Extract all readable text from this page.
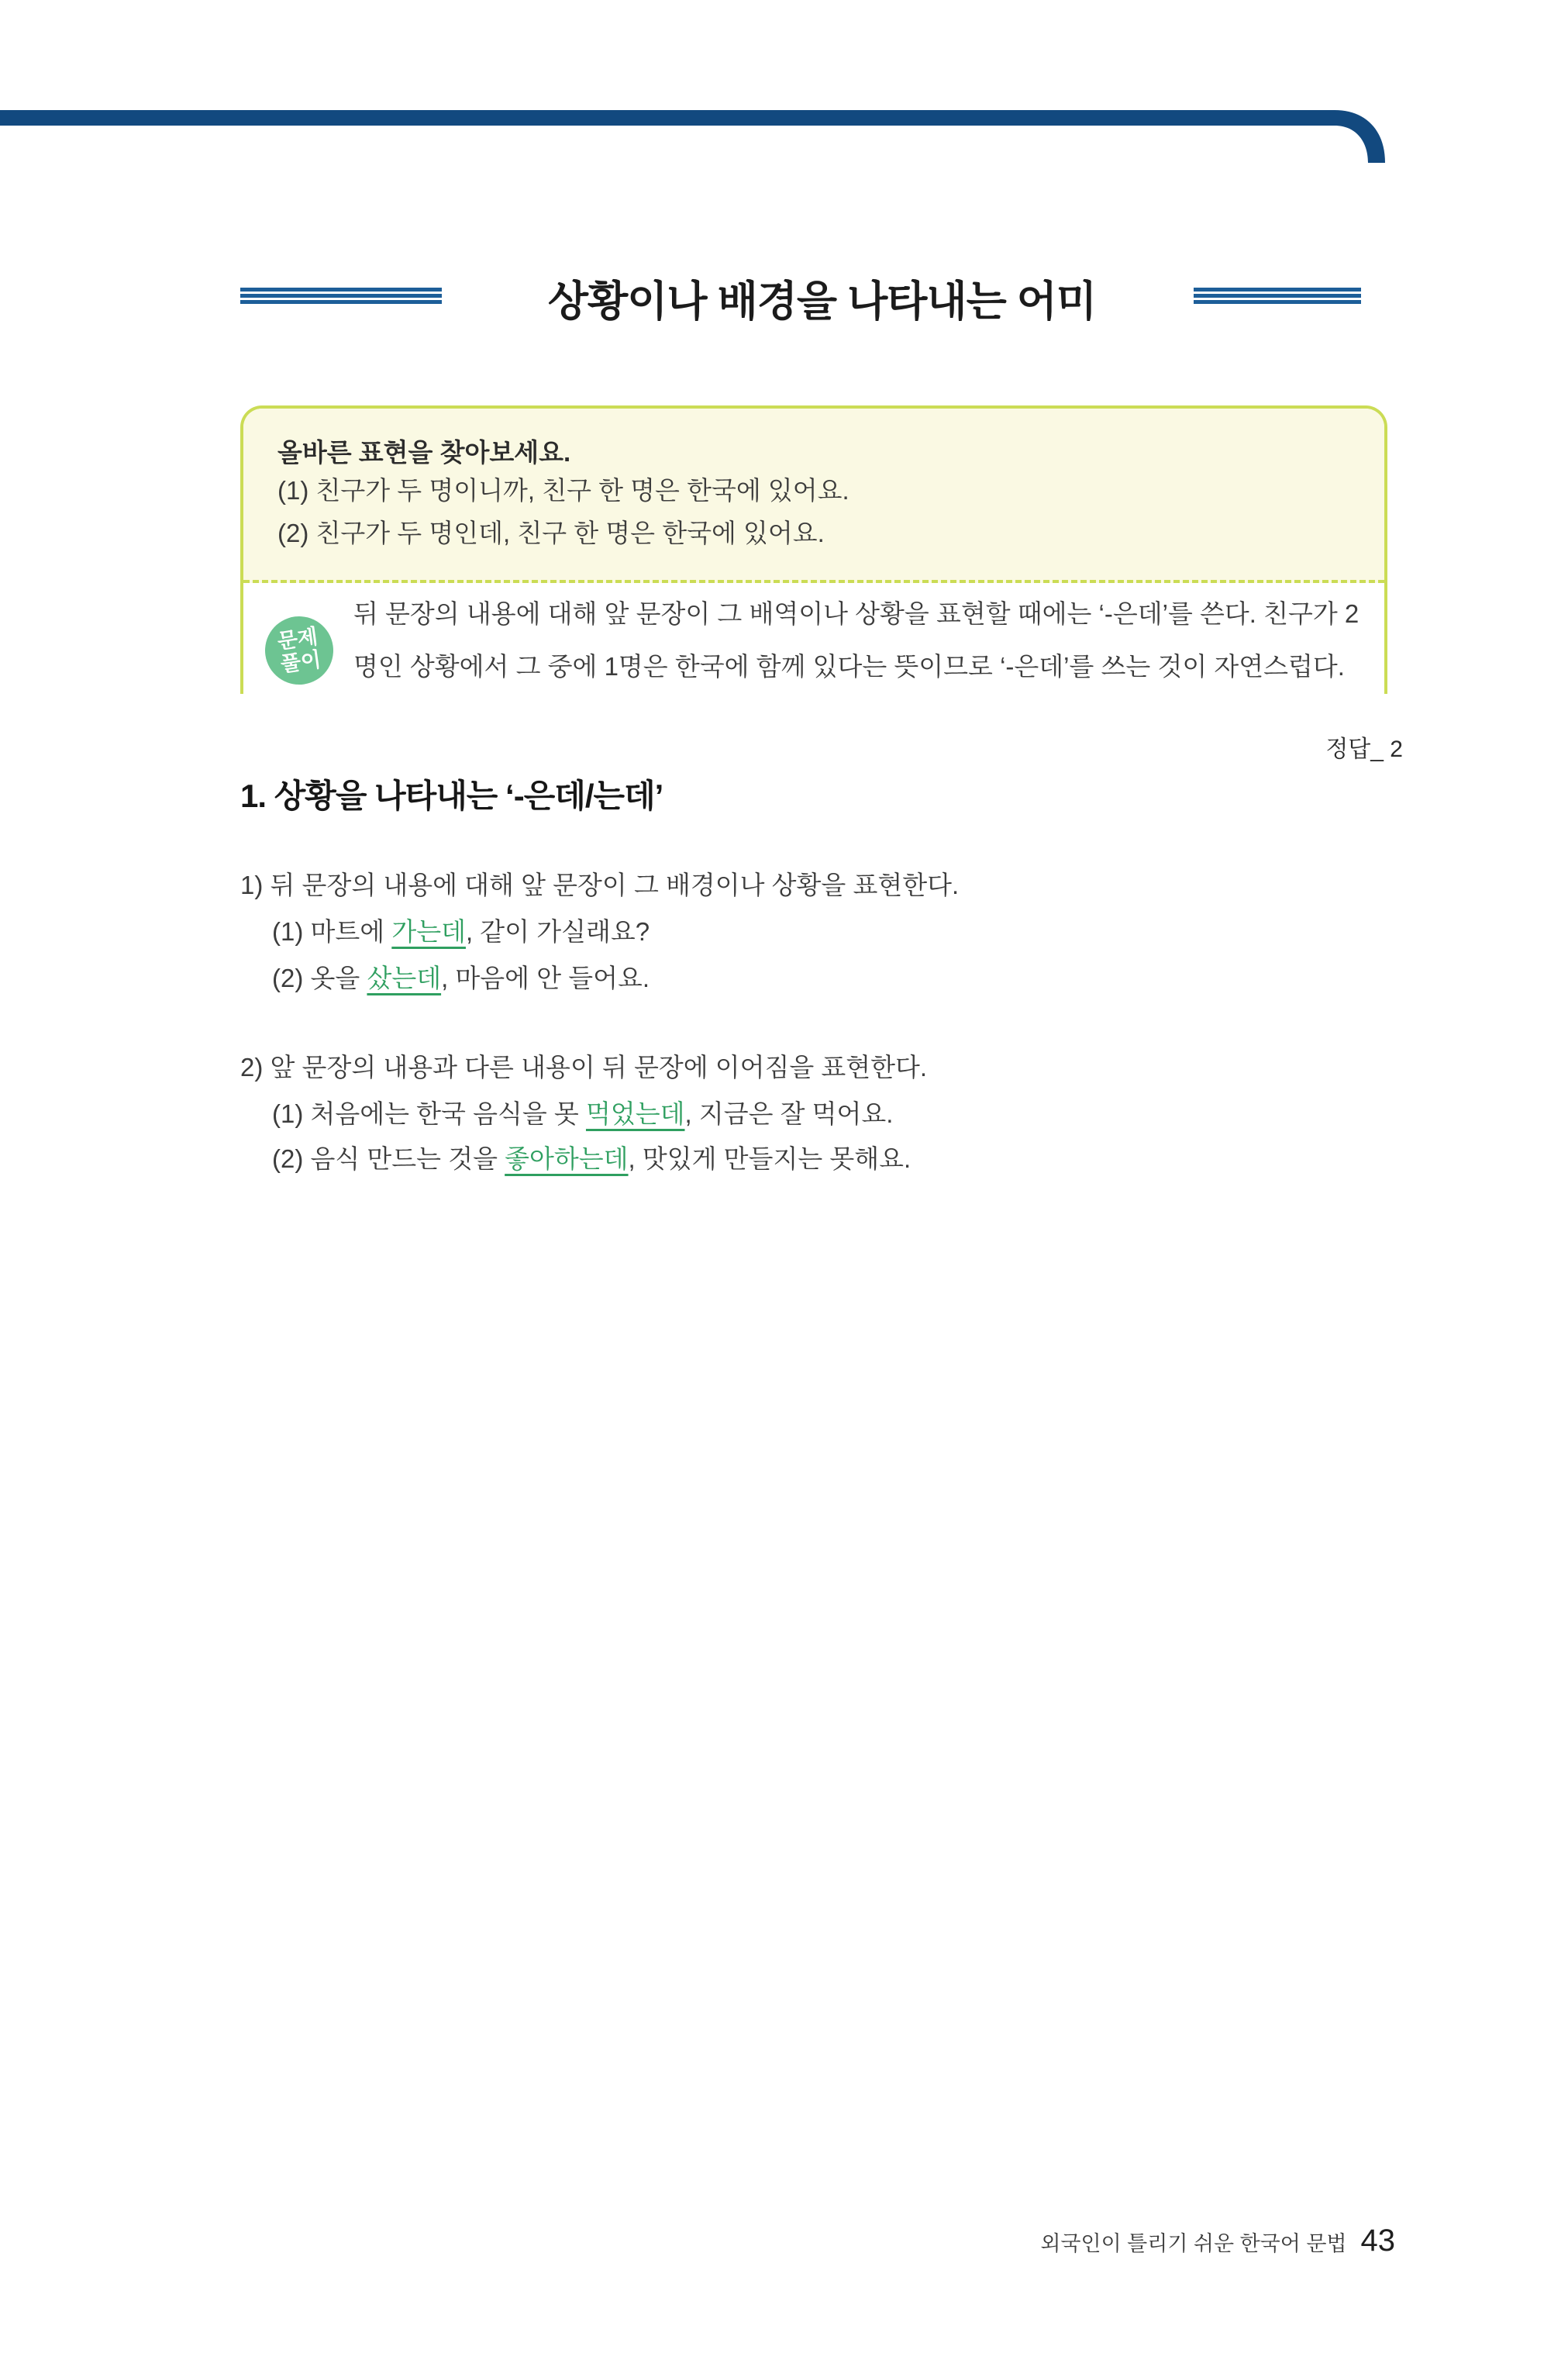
상황이나 배경을 나타내는 어미
올바른 표현을 찾아보세요.
(1) 친구가 두 명이니까, 친구 한 명은 한국에 있어요.
(2) 친구가 두 명인데, 친구 한 명은 한국에 있어요.
문제
풀이
뒤 문장의 내용에 대해 앞 문장이 그 배역이나 상황을 표현할 때에는 ‘-은데’를 쓴다. 친구가 2명인 상황에서 그 중에 1명은 한국에 함께 있다는 뜻이므로 ‘-은데’를 쓰는 것이 자연스럽다.
정답_ 2
1. 상황을 나타내는 ‘-은데/는데’
1) 뒤 문장의 내용에 대해 앞 문장이 그 배경이나 상황을 표현한다.
(1) 마트에 가는데, 같이 가실래요?
(2) 옷을 샀는데, 마음에 안 들어요.
2) 앞 문장의 내용과 다른 내용이 뒤 문장에 이어짐을 표현한다.
(1) 처음에는 한국 음식을 못 먹었는데, 지금은 잘 먹어요.
(2) 음식 만드는 것을 좋아하는데, 맛있게 만들지는 못해요.
외국인이 틀리기 쉬운 한국어 문법 43
